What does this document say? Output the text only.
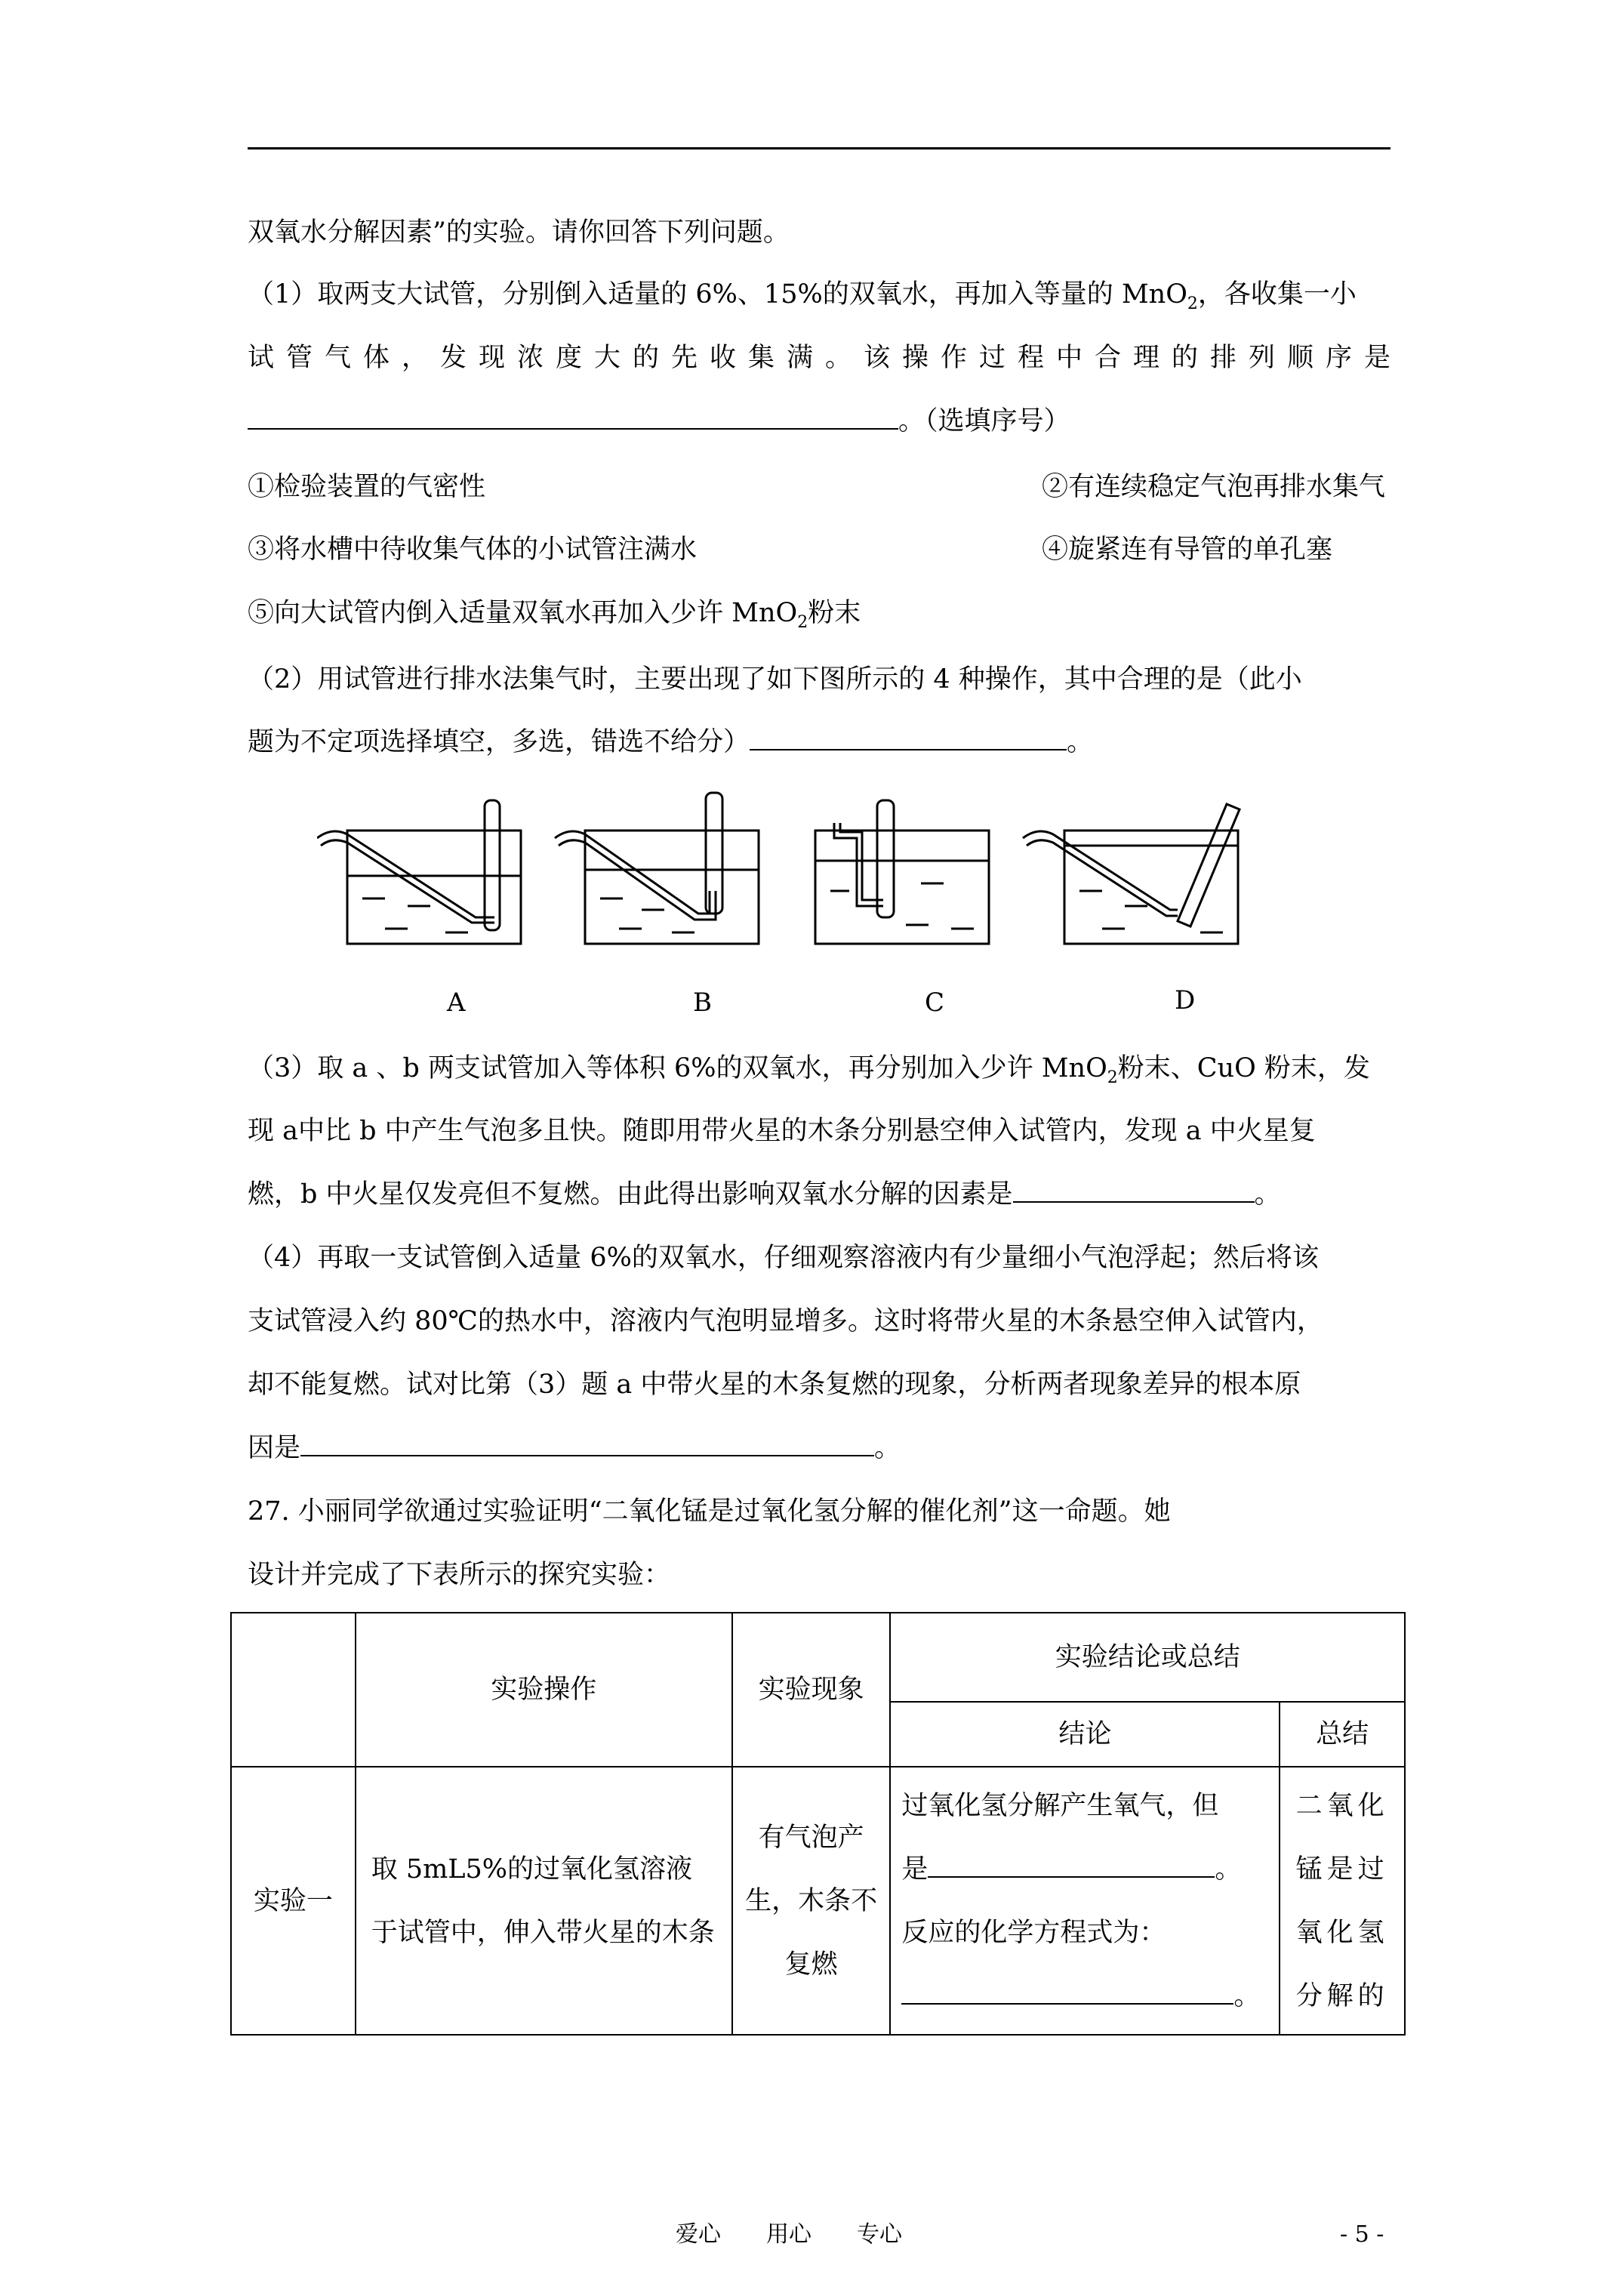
双氧水分解因素”的实验。请你回答下列问题。
（1）取两支大试管，分别倒入适量的 6%、15%的双氧水，再加入等量的 MnO$_2$，各收集一小
试管气体，发现浓度大的先收集满。该操作过程中合理的排列顺序是
。（选填序号）
①检验装置的气密性	②有连续稳定气泡再排水集气
③将水槽中待收集气体的小试管注满水	④旋紧连有导管的单孔塞
⑤向大试管内倒入适量双氧水再加入少许 MnO$_2$粉末
（2）用试管进行排水法集气时，主要出现了如下图所示的 4 种操作，其中合理的是（此小
题为不定项选择填空，多选，错选不给分）	。
A	B	C	D
（3）取 a 、b 两支试管加入等体积 6%的双氧水，再分别加入少许 MnO$_2$粉末、CuO 粉末，发
现 a中比 b 中产生气泡多且快。随即用带火星的木条分别悬空伸入试管内，发现 a 中火星复
燃，b 中火星仅发亮但不复燃。由此得出影响双氧水分解的因素是	。
（4）再取一支试管倒入适量 6%的双氧水，仔细观察溶液内有少量细小气泡浮起；然后将该
支试管浸入约 80℃的热水中，溶液内气泡明显增多。这时将带火星的木条悬空伸入试管内，
却不能复燃。试对比第（3）题 a 中带火星的木条复燃的现象，分析两者现象差异的根本原
因是	。
27. 小丽同学欲通过实验证明“二氧化锰是过氧化氢分解的催化剂”这一命题。她
设计并完成了下表所示的探究实验：
	实验操作	实验现象	实验结论或总结	
			结论	总结
实验一	取 5mL5%的过氧化氢溶液于试管中，伸入带火星的木条	有气泡产生，木条不复燃	过氧化氢分解产生氧气，但
是 。
反应的化学方程式为：
。	二氧化锰是过氧化氢分解的
爱心　　用心　　专心	- 5 -
